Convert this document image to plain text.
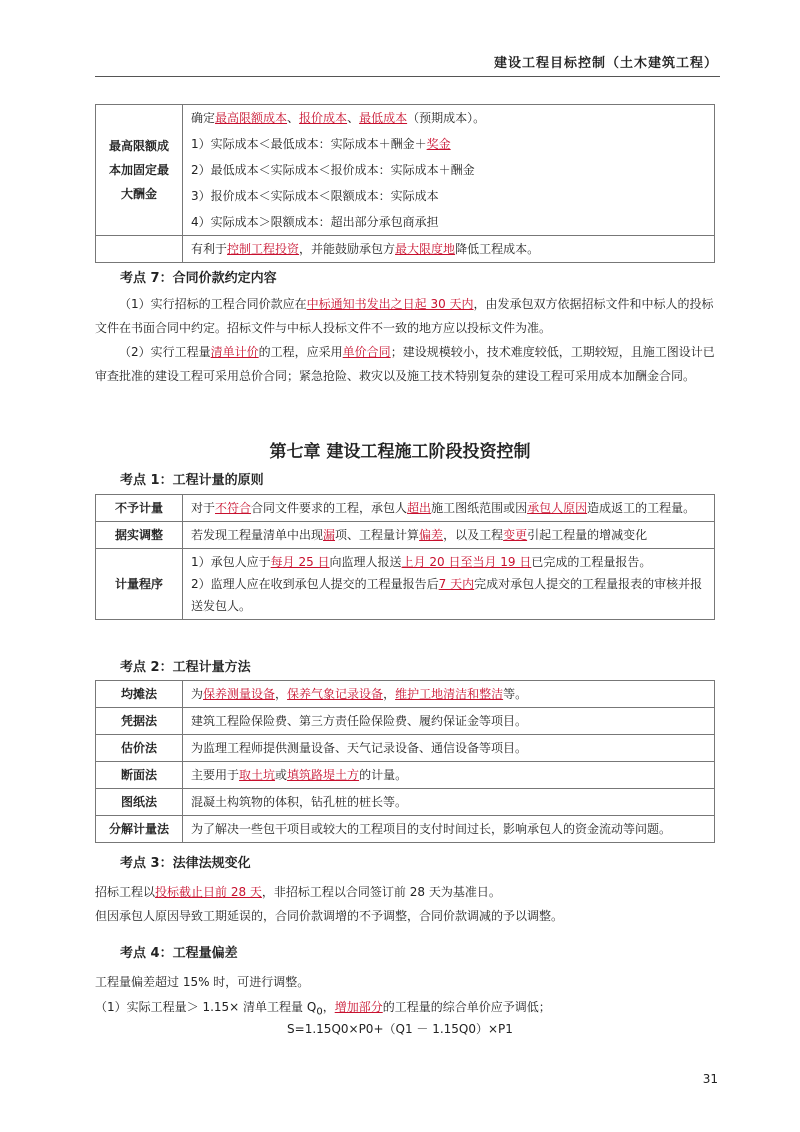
建设工程目标控制（土木建筑工程）
最高限额成本加固定最大酬金	确定最高限额成本、报价成本、最低成本（预期成本）。
	1）实际成本＜最低成本：实际成本＋酬金＋奖金
	2）最低成本＜实际成本＜报价成本：实际成本＋酬金
	3）报价成本＜实际成本＜限额成本：实际成本
	4）实际成本＞限额成本：超出部分承包商承担
	有利于控制工程投资，并能鼓励承包方最大限度地降低工程成本。
考点 7：合同价款约定内容
（1）实行招标的工程合同价款应在中标通知书发出之日起 30 天内，由发承包双方依据招标文件和中标人的投标文件在书面合同中约定。招标文件与中标人投标文件不一致的地方应以投标文件为准。
（2）实行工程量清单计价的工程，应采用单价合同；建设规模较小，技术难度较低，工期较短，且施工图设计已审查批准的建设工程可采用总价合同；紧急抢险、救灾以及施工技术特别复杂的建设工程可采用成本加酬金合同。
第七章 建设工程施工阶段投资控制
考点 1：工程计量的原则
不予计量	对于不符合合同文件要求的工程，承包人超出施工图纸范围或因承包人原因造成返工的工程量。
据实调整	若发现工程量清单中出现漏项、工程量计算偏差，以及工程变更引起工程量的增减变化
计量程序	1）承包人应于每月 25 日向监理人报送上月 20 日至当月 19 日已完成的工程量报告。
2）监理人应在收到承包人提交的工程量报告后7 天内完成对承包人提交的工程量报表的审核并报送发包人。
考点 2：工程计量方法
均摊法	为保养测量设备，保养气象记录设备，维护工地清洁和整洁等。
凭据法	建筑工程险保险费、第三方责任险保险费、履约保证金等项目。
估价法	为监理工程师提供测量设备、天气记录设备、通信设备等项目。
断面法	主要用于取土坑或填筑路堤土方的计量。
图纸法	混凝土构筑物的体积，钻孔桩的桩长等。
分解计量法	为了解决一些包干项目或较大的工程项目的支付时间过长，影响承包人的资金流动等问题。
考点 3：法律法规变化
招标工程以投标截止日前 28 天，非招标工程以合同签订前 28 天为基准日。
但因承包人原因导致工期延误的，合同价款调增的不予调整，合同价款调减的予以调整。
考点 4：工程量偏差
工程量偏差超过 15% 时，可进行调整。
（1）实际工程量＞ 1.15× 清单工程量 $Q_0$，增加部分的工程量的综合单价应予调低；
S=1.15Q0×P0+（Q1 － 1.15Q0）×P1
31
